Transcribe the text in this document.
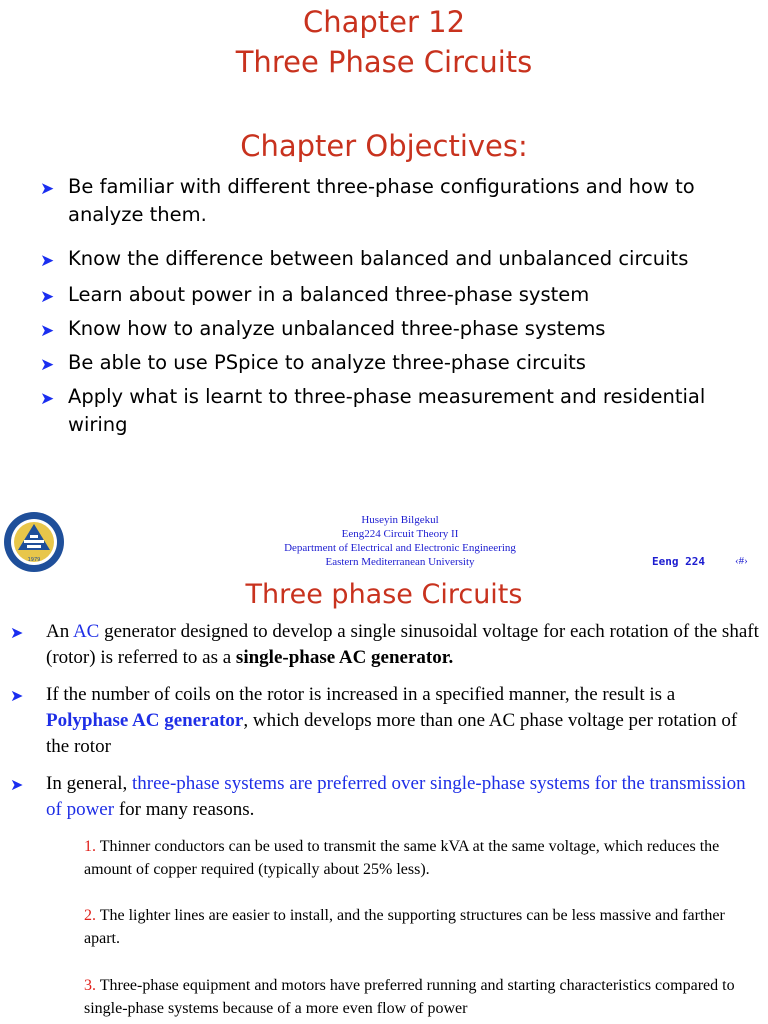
Chapter 12
Three Phase Circuits
Chapter Objectives:
➤ Be familiar with different three-phase configurations and how to analyze them.
➤ Know the difference between balanced and unbalanced circuits
➤ Learn about power in a balanced three-phase system
➤ Know how to analyze unbalanced three-phase systems
➤ Be able to use PSpice to analyze three-phase circuits
➤ Apply what is learnt to three-phase measurement and residential wiring
1979
Huseyin Bilgekul
Eeng224 Circuit Theory II
Department of Electrical and Electronic Engineering
Eastern Mediterranean University	Eeng 224	‹#›
Three phase Circuits
➤ An AC generator designed to develop a single sinusoidal voltage for each rotation of the shaft (rotor) is referred to as a single-phase AC generator.
➤ If the number of coils on the rotor is increased in a specified manner, the result is a Polyphase AC generator, which develops more than one AC phase voltage per rotation of the rotor
➤ In general, three-phase systems are preferred over single-phase systems for the transmission of power for many reasons.
1. Thinner conductors can be used to transmit the same kVA at the same voltage, which reduces the amount of copper required (typically about 25% less).
2. The lighter lines are easier to install, and the supporting structures can be less massive and farther apart.
3. Three-phase equipment and motors have preferred running and starting characteristics compared to single-phase systems because of a more even flow of power
